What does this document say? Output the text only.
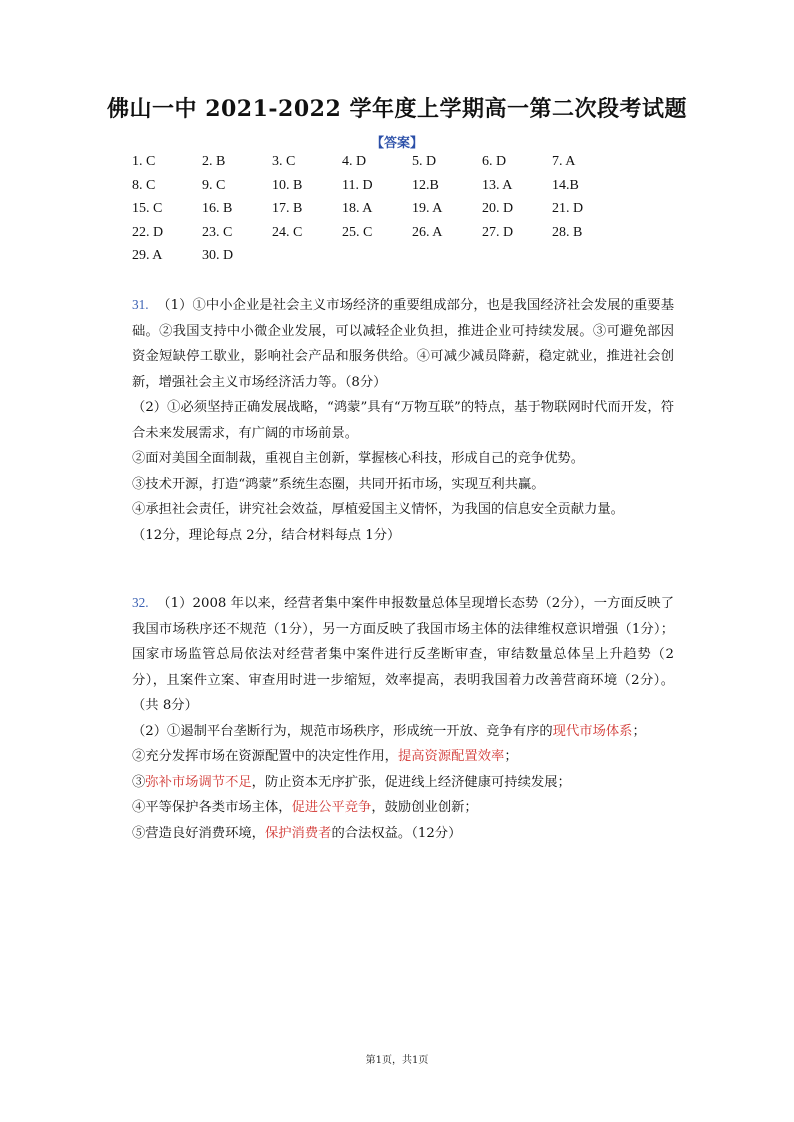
佛山一中 2021-2022 学年度上学期高一第二次段考试题
【答案】
1. C	2. B	3. C	4. D	5. D	6. D	7. A
8. C	9. C	10. B	11. D	12.B	13. A	14.B
15. C	16. B	17. B	18. A	19. A	20. D	21. D
22. D	23. C	24. C	25. C	26. A	27. D	28. B
29. A	30. D

31. （1）①中小企业是社会主义市场经济的重要组成部分，也是我国经济社会发展的重要基础。②我国支持中小微企业发展，可以减轻企业负担，推进企业可持续发展。③可避免部因资金短缺停工歇业，影响社会产品和服务供给。④可减少减员降薪，稳定就业，推进社会创新，增强社会主义市场经济活力等。（8分）

（2）①必须坚持正确发展战略，“鸿蒙”具有“万物互联”的特点，基于物联网时代而开发，符合未来发展需求，有广阔的市场前景。

②面对美国全面制裁，重视自主创新，掌握核心科技，形成自己的竞争优势。

③技术开源，打造“鸿蒙”系统生态圈，共同开拓市场，实现互利共赢。

④承担社会责任，讲究社会效益，厚植爱国主义情怀，为我国的信息安全贡献力量。

（12分，理论每点 2分，结合材料每点 1分）

32. （1）2008 年以来，经营者集中案件申报数量总体呈现增长态势（2分），一方面反映了我国市场秩序还不规范（1分），另一方面反映了我国市场主体的法律维权意识增强（1分）；国家市场监管总局依法对经营者集中案件进行反垄断审查，审结数量总体呈上升趋势（2分），且案件立案、审查用时进一步缩短，效率提高，表明我国着力改善营商环境（2分）。（共 8分）

（2）①遏制平台垄断行为，规范市场秩序，形成统一开放、竞争有序的现代市场体系；

②充分发挥市场在资源配置中的决定性作用，提高资源配置效率；

③弥补市场调节不足，防止资本无序扩张，促进线上经济健康可持续发展；

④平等保护各类市场主体，促进公平竞争，鼓励创业创新；

⑤营造良好消费环境，保护消费者的合法权益。（12分）

第1页，共1页
